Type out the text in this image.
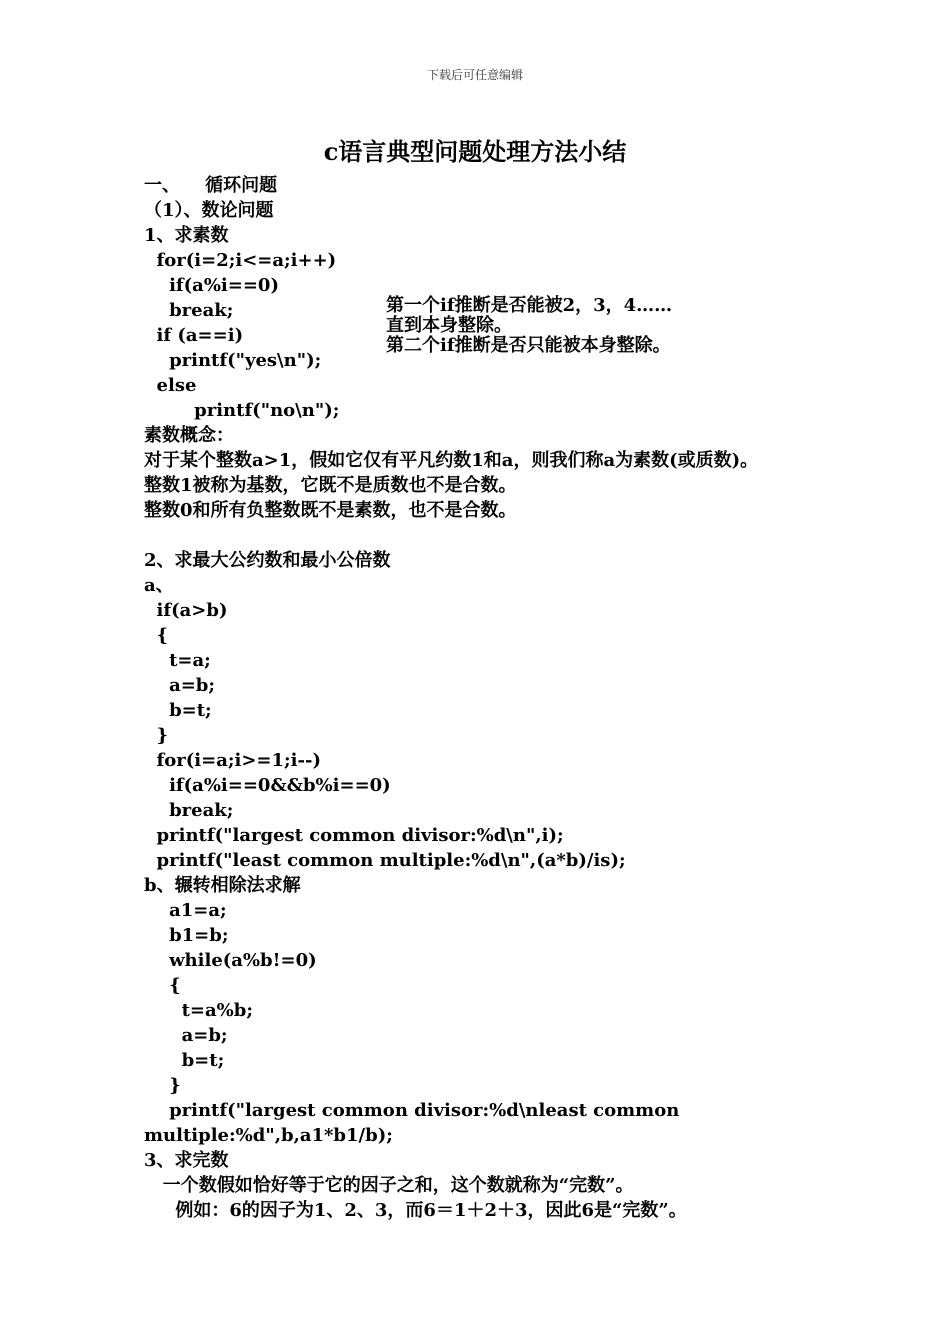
下载后可任意编辑
c语言典型问题处理方法小结
一、    循环问题
（1）、数论问题
1、求素数
for(i=2;i<=a;i++)
if(a%i==0)
break;
if (a==i)
printf("yes\n");
else
printf("no\n");
素数概念：
对于某个整数a>1，假如它仅有平凡约数1和a，则我们称a为素数(或质数)。
整数1被称为基数，它既不是质数也不是合数。
整数0和所有负整数既不是素数，也不是合数。
2、求最大公约数和最小公倍数
a、
if(a>b)
{
t=a;
a=b;
b=t;
}
for(i=a;i>=1;i--)
if(a%i==0&&b%i==0)
break;
printf("largest common divisor:%d\n",i);
printf("least common multiple:%d\n",(a*b)/is);
b、辗转相除法求解
a1=a;
b1=b;
while(a%b!=0)
{
t=a%b;
a=b;
b=t;
}
printf("largest common divisor:%d\nleast common
multiple:%d",b,a1*b1/b);
3、求完数
一个数假如恰好等于它的因子之和，这个数就称为“完数”。
例如：6的因子为1、2、3，而6＝1＋2＋3，因此6是“完数”。
第一个if推断是否能被2，3，4……
直到本身整除。
第二个if推断是否只能被本身整除。
